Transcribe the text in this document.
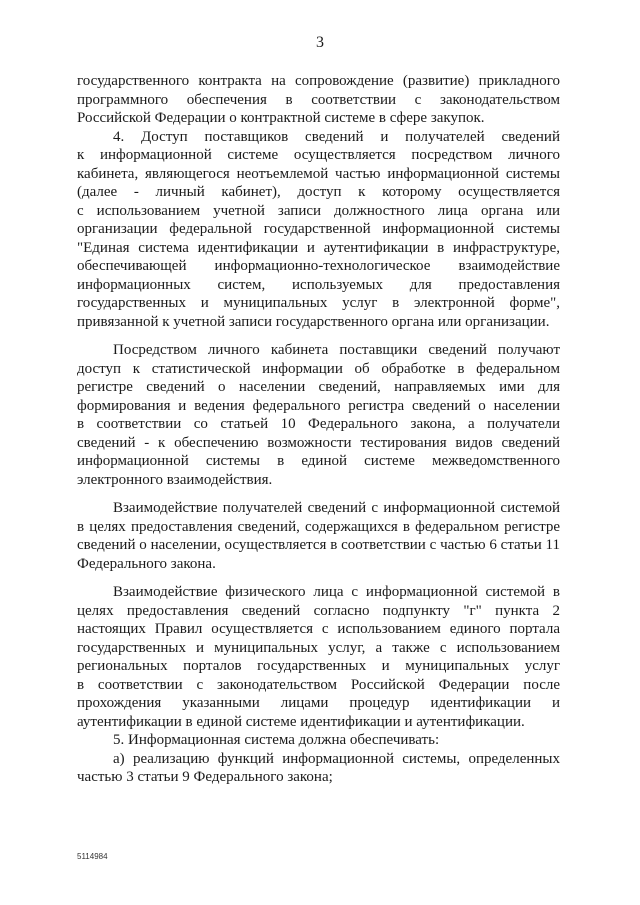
3
государственного контракта на сопровождение (развитие) прикладного
программного обеспечения в соответствии с законодательством
Российской Федерации о контрактной системе в сфере закупок.
4. Доступ поставщиков сведений и получателей сведений
к информационной системе осуществляется посредством личного
кабинета, являющегося неотъемлемой частью информационной системы
(далее - личный кабинет), доступ к которому осуществляется
с использованием учетной записи должностного лица органа или
организации федеральной государственной информационной системы
"Единая система идентификации и аутентификации в инфраструктуре,
обеспечивающей информационно-технологическое взаимодействие
информационных систем, используемых для предоставления
государственных и муниципальных услуг в электронной форме",
привязанной к учетной записи государственного органа или организации.
Посредством личного кабинета поставщики сведений получают
доступ к статистической информации об обработке в федеральном
регистре сведений о населении сведений, направляемых ими для
формирования и ведения федерального регистра сведений о населении
в соответствии со статьей 10 Федерального закона, а получатели
сведений - к обеспечению возможности тестирования видов сведений
информационной системы в единой системе межведомственного
электронного взаимодействия.
Взаимодействие получателей сведений с информационной системой
в целях предоставления сведений, содержащихся в федеральном регистре
сведений о населении, осуществляется в соответствии с частью 6 статьи 11
Федерального закона.
Взаимодействие физического лица с информационной системой в
целях предоставления сведений согласно подпункту "г" пункта 2
настоящих Правил осуществляется с использованием единого портала
государственных и муниципальных услуг, а также с использованием
региональных порталов государственных и муниципальных услуг
в соответствии с законодательством Российской Федерации после
прохождения указанными лицами процедур идентификации и
аутентификации в единой системе идентификации и аутентификации.
5. Информационная система должна обеспечивать:
а) реализацию функций информационной системы, определенных
частью 3 статьи 9 Федерального закона;
5114984
